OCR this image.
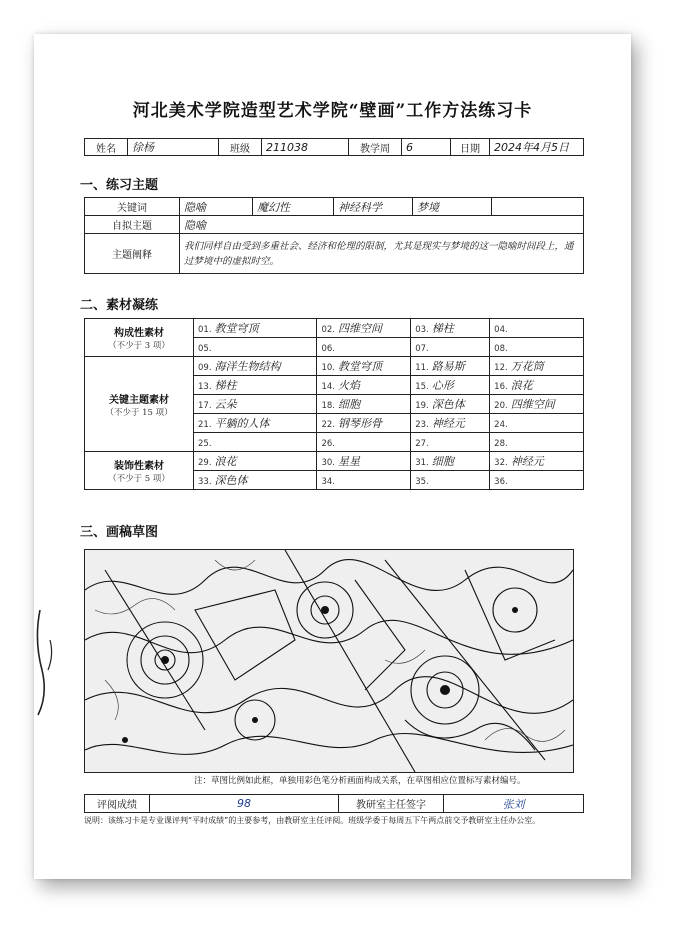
河北美术学院造型艺术学院“壁画”工作方法练习卡
姓名	徐杨	班级	211038	教学周	6	日期	2024年4月5日
一、练习主题
关键词	隐喻	魔幻性	神经科学	梦境	
自拟主题	隐喻				
主题阐释	我们同样自由受到多重社会、经济和伦理的限制，尤其是现实与梦境的这一隐喻时间段上，通过梦境中的虚拟时空。				
二、素材凝练
构成性素材
（不少于 3 项）	01. 教堂穹顶	02. 四维空间	03. 梯柱	04.
	05.	06.	07.	08.

关键主题素材
（不少于 15 项）	09. 海洋生物结构	10. 教堂穹顶	11. 路易斯	12. 万花筒
	13. 梯柱	14. 火焰	15. 心形	16. 浪花
	17. 云朵	18. 细胞	19. 深色体	20. 四维空间
	21. 平躺的人体	22. 钢琴形骨	23. 神经元	24.
	25.	26.	27.	28.

装饰性素材
（不少于 5 项）	29. 浪花	30. 星星	31. 细胞	32. 神经元
	33. 深色体	34.	35.	36.
三、画稿草图
注：草图比例如此框，单独用彩色笔分析画面构成关系，在草图相应位置标写素材编号。
评阅成绩	98	教研室主任签字	张刘
说明：该练习卡是专业课评判“平时成绩”的主要参考，由教研室主任评阅。班级学委于每周五下午两点前交予教研室主任办公室。
